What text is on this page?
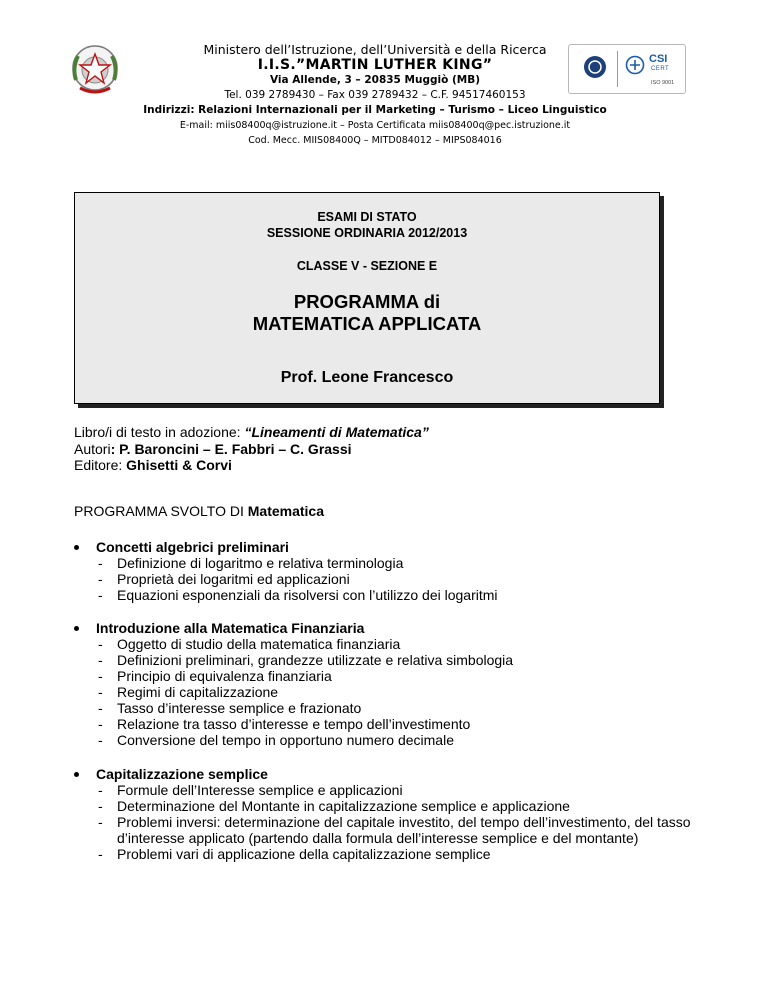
Ministero dell’Istruzione, dell’Università e della Ricerca
I.I.S.”MARTIN LUTHER KING”
Via Allende, 3 – 20835 Muggiò (MB)
Tel. 039 2789430 – Fax 039 2789432 – C.F. 94517460153
Indirizzi: Relazioni Internazionali per il Marketing – Turismo – Liceo Linguistico
E-mail: miis08400q@istruzione.it – Posta Certificata miis08400q@pec.istruzione.it
Cod. Mecc. MIIS08400Q – MITD084012 – MIPS084016
CSI
CERT
ISO 9001
ESAMI DI STATO
SESSIONE ORDINARIA 2012/2013
CLASSE V - SEZIONE E
PROGRAMMA di
MATEMATICA APPLICATA
Prof. Leone Francesco
Libro/i di testo in adozione: “Lineamenti di Matematica”
Autori: P. Baroncini – E. Fabbri – C. Grassi
Editore: Ghisetti & Corvi
PROGRAMMA SVOLTO DI Matematica
Concetti algebrici preliminari
- Definizione di logaritmo e relativa terminologia
- Proprietà dei logaritmi ed applicazioni
- Equazioni esponenziali da risolversi con l’utilizzo dei logaritmi
Introduzione alla Matematica Finanziaria
- Oggetto di studio della matematica finanziaria
- Definizioni preliminari, grandezze utilizzate e relativa simbologia
- Principio di equivalenza finanziaria
- Regimi di capitalizzazione
- Tasso d’interesse semplice e frazionato
- Relazione tra tasso d’interesse e tempo dell’investimento
- Conversione del tempo in opportuno numero decimale
Capitalizzazione semplice
- Formule dell’Interesse semplice e applicazioni
- Determinazione del Montante in capitalizzazione semplice e applicazione
- Problemi inversi: determinazione del capitale investito, del tempo dell’investimento, del tasso d’interesse applicato (partendo dalla formula dell’interesse semplice e del montante)
- Problemi vari di applicazione della capitalizzazione semplice
